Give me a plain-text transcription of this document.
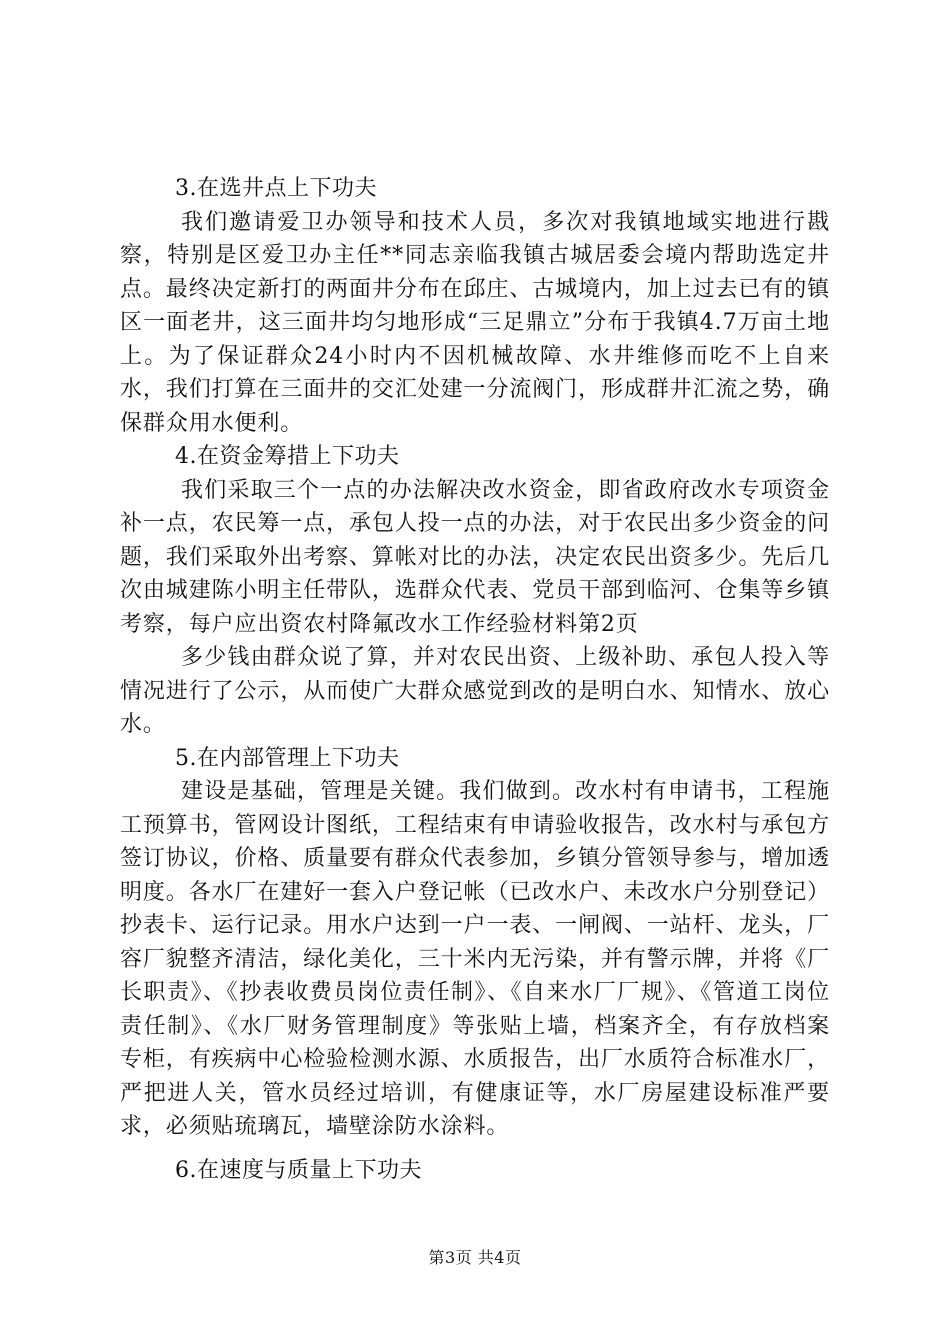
3.在选井点上下功夫

我们邀请爱卫办领导和技术人员，多次对我镇地域实地进行戡察，特别是区爱卫办主任**同志亲临我镇古城居委会境内帮助选定井点。最终决定新打的两面井分布在邱庄、古城境内，加上过去已有的镇区一面老井，这三面井均匀地形成“三足鼎立”分布于我镇4.7万亩土地上。为了保证群众24小时内不因机械故障、水井维修而吃不上自来水，我们打算在三面井的交汇处建一分流阀门，形成群井汇流之势，确保群众用水便利。

4.在资金筹措上下功夫

我们采取三个一点的办法解决改水资金，即省政府改水专项资金补一点，农民筹一点，承包人投一点的办法，对于农民出多少资金的问题，我们采取外出考察、算帐对比的办法，决定农民出资多少。先后几次由城建陈小明主任带队，选群众代表、党员干部到临河、仓集等乡镇考察，每户应出资农村降氟改水工作经验材料第2页

多少钱由群众说了算，并对农民出资、上级补助、承包人投入等情况进行了公示，从而使广大群众感觉到改的是明白水、知情水、放心水。

5.在内部管理上下功夫

建设是基础，管理是关键。我们做到。改水村有申请书，工程施工预算书，管网设计图纸，工程结束有申请验收报告，改水村与承包方签订协议，价格、质量要有群众代表参加，乡镇分管领导参与，增加透明度。各水厂在建好一套入户登记帐（已改水户、未改水户分别登记）抄表卡、运行记录。用水户达到一户一表、一闸阀、一站杆、龙头，厂容厂貌整齐清洁，绿化美化，三十米内无污染，并有警示牌，并将《厂长职责》、《抄表收费员岗位责任制》、《自来水厂厂规》、《管道工岗位责任制》、《水厂财务管理制度》等张贴上墙，档案齐全，有存放档案专柜，有疾病中心检验检测水源、水质报告，出厂水质符合标准水厂，严把进人关，管水员经过培训，有健康证等，水厂房屋建设标准严要求，必须贴琉璃瓦，墙壁涂防水涂料。

6.在速度与质量上下功夫

第3页 共4页
